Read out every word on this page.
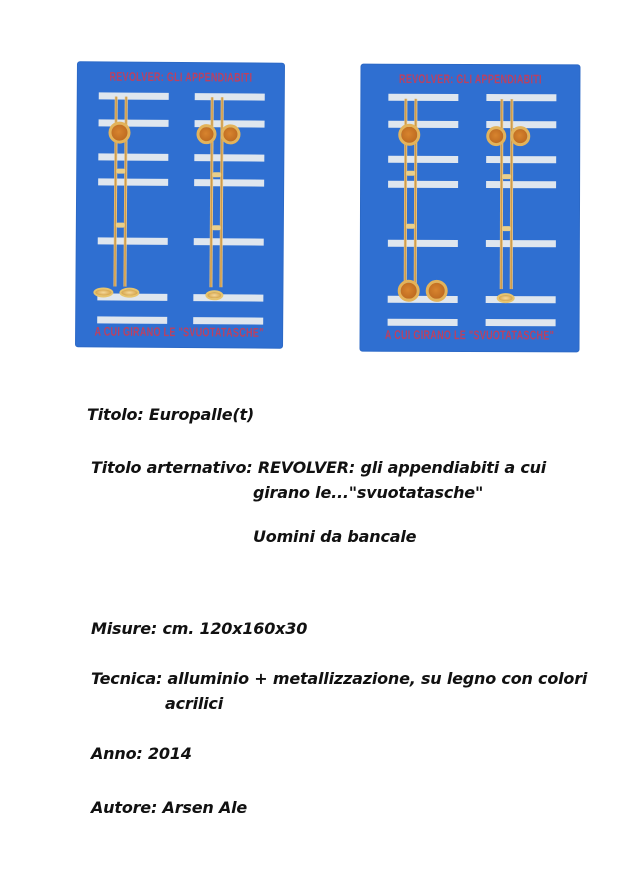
REVOLVER: GLI APPENDIABITI
A CUI GIRANO LE "SVUOTATASCHE"
REVOLVER: GLI APPENDIABITI
A CUI GIRANO LE "SVUOTATASCHE"
Titolo: Europalle(t)
Titolo arternativo: REVOLVER: gli appendiabiti a cui
girano le..."svuotatasche"
Uomini da bancale
Misure: cm. 120x160x30
Tecnica: alluminio + metallizzazione, su legno con colori
acrilici
Anno: 2014
Autore: Arsen Ale
